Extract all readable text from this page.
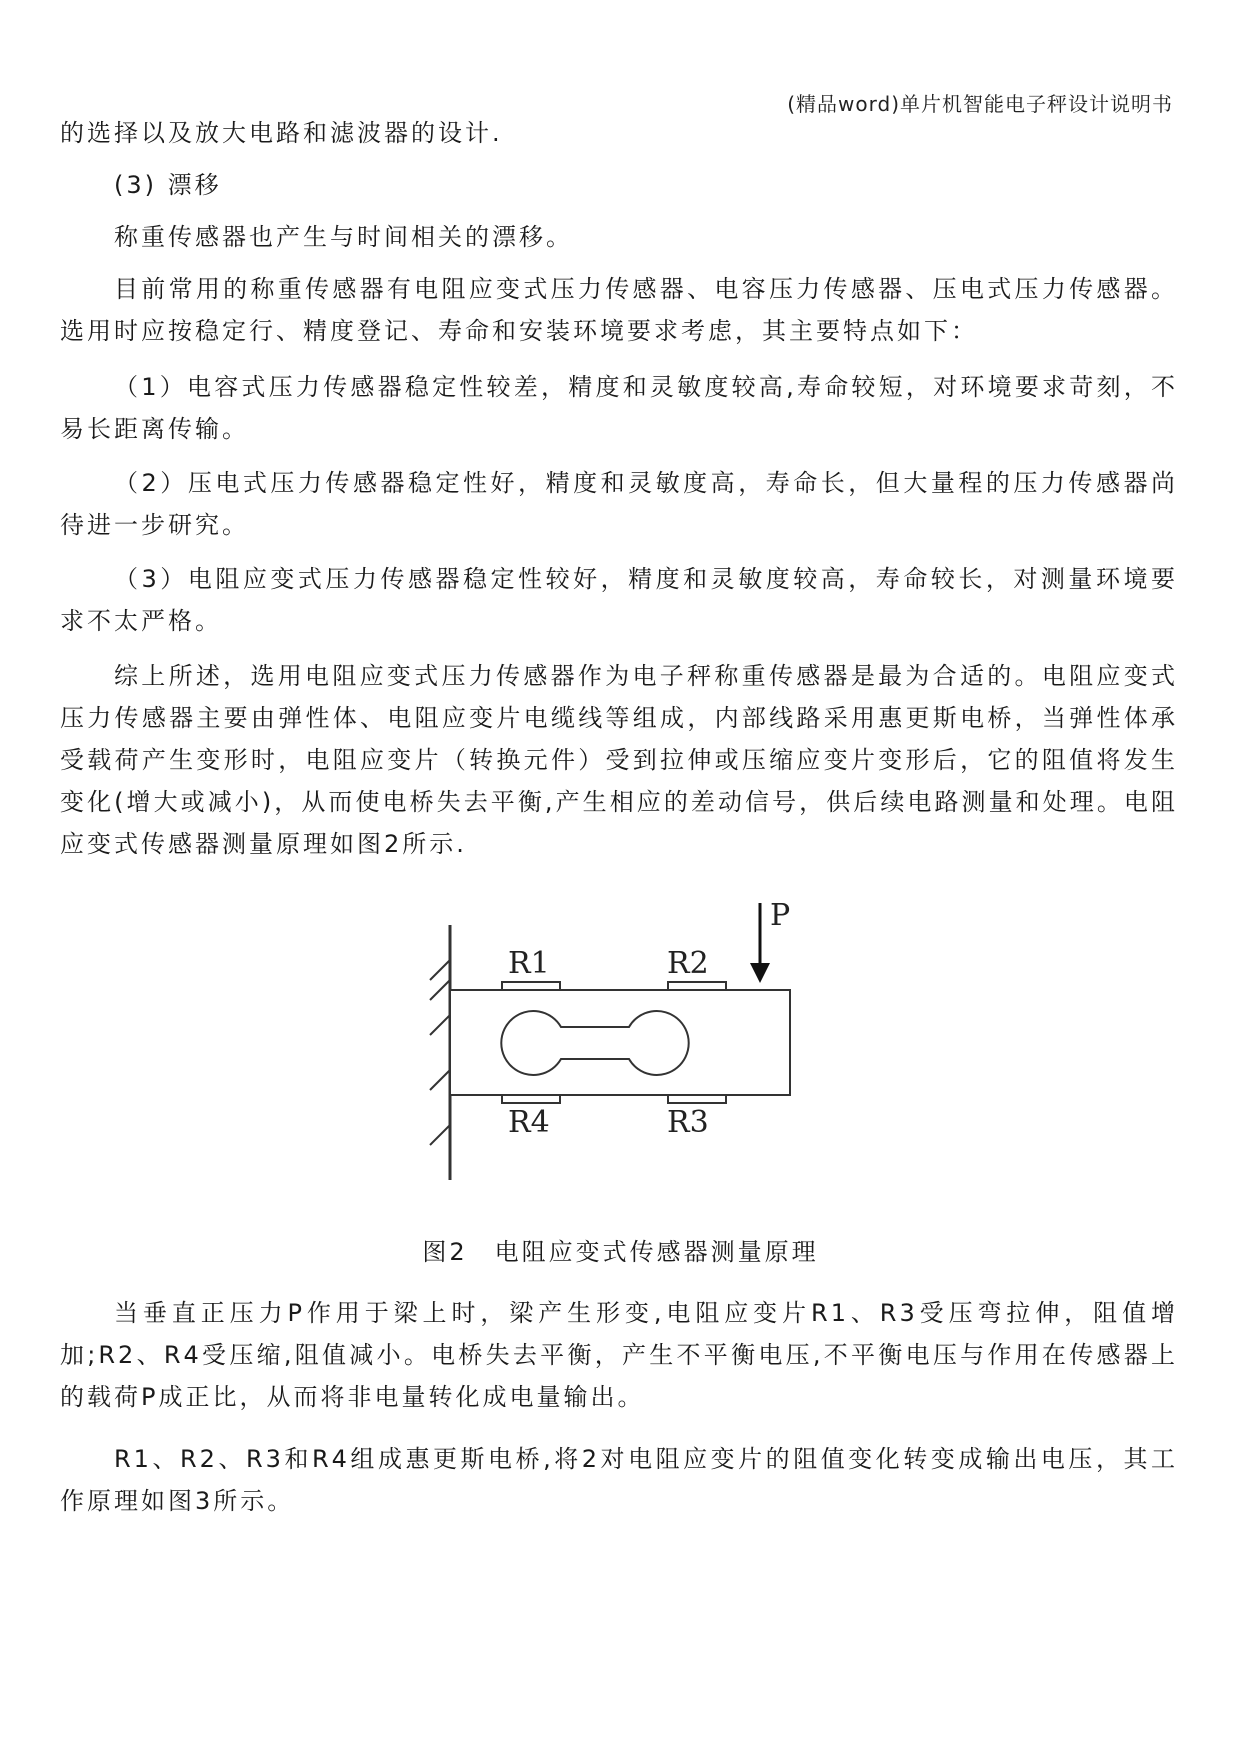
(精品word)单片机智能电子秤设计说明书

的选择以及放大电路和滤波器的设计.

(3) 漂移

称重传感器也产生与时间相关的漂移。

目前常用的称重传感器有电阻应变式压力传感器、电容压力传感器、压电式压力传感器。选用时应按稳定行、精度登记、寿命和安装环境要求考虑，其主要特点如下：

（1）电容式压力传感器稳定性较差，精度和灵敏度较高,寿命较短，对环境要求苛刻，不易长距离传输。

（2）压电式压力传感器稳定性好，精度和灵敏度高，寿命长，但大量程的压力传感器尚待进一步研究。

（3）电阻应变式压力传感器稳定性较好，精度和灵敏度较高，寿命较长，对测量环境要求不太严格。

综上所述，选用电阻应变式压力传感器作为电子秤称重传感器是最为合适的。电阻应变式压力传感器主要由弹性体、电阻应变片电缆线等组成，内部线路采用惠更斯电桥，当弹性体承受载荷产生变形时，电阻应变片（转换元件）受到拉伸或压缩应变片变形后，它的阻值将发生变化(增大或减小)，从而使电桥失去平衡,产生相应的差动信号，供后续电路测量和处理。电阻应变式传感器测量原理如图2所示.

P
R1	R2
R4	R3
图2　电阻应变式传感器测量原理

当垂直正压力P作用于梁上时，梁产生形变,电阻应变片R1、R3受压弯拉伸，阻值增加;R2、R4受压缩,阻值减小。电桥失去平衡，产生不平衡电压,不平衡电压与作用在传感器上的载荷P成正比，从而将非电量转化成电量输出。

R1、R2、R3和R4组成惠更斯电桥,将2对电阻应变片的阻值变化转变成输出电压，其工作原理如图3所示。
